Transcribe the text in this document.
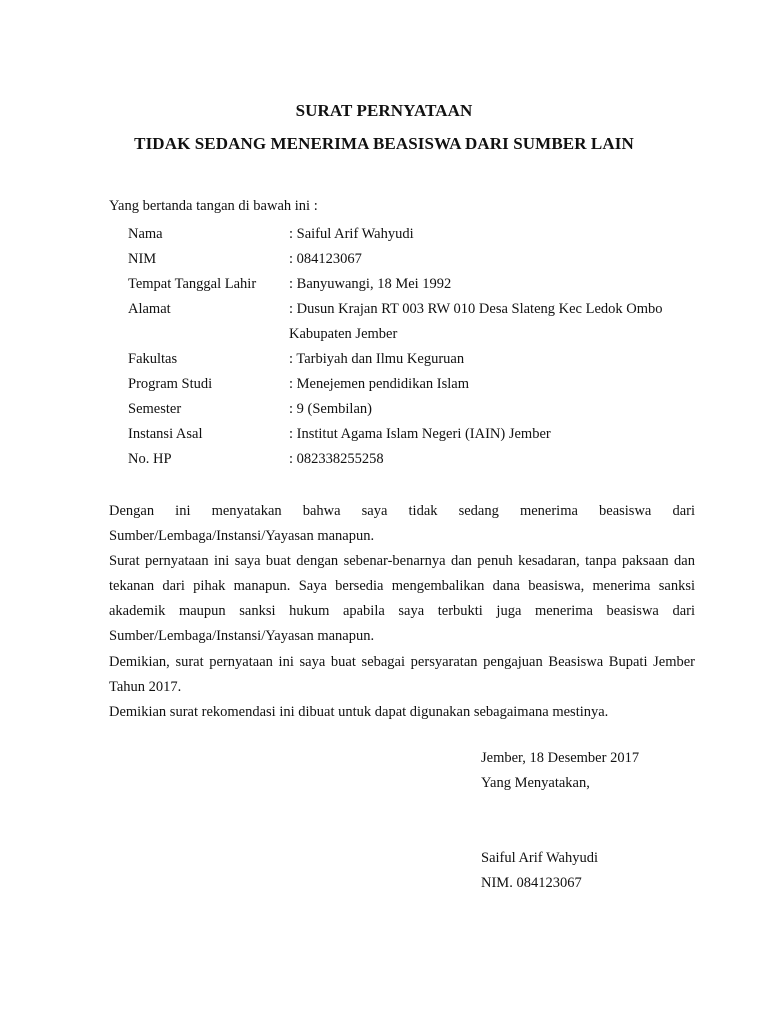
SURAT PERNYATAAN
TIDAK SEDANG MENERIMA BEASISWA DARI SUMBER LAIN
Yang bertanda tangan di bawah ini :
Nama	: Saiful Arif Wahyudi
NIM	: 084123067
Tempat Tanggal Lahir	: Banyuwangi, 18 Mei 1992
Alamat	: Dusun Krajan RT 003 RW 010 Desa Slateng Kec Ledok Ombo
Kabupaten Jember
Fakultas	: Tarbiyah dan Ilmu Keguruan
Program Studi	: Menejemen pendidikan Islam
Semester	: 9 (Sembilan)
Instansi Asal	: Institut Agama Islam Negeri (IAIN) Jember
No. HP	: 082338255258

Dengan ini menyatakan bahwa saya tidak sedang menerima beasiswa dari Sumber/Lembaga/Instansi/Yayasan manapun.

Surat pernyataan ini saya buat dengan sebenar-benarnya dan penuh kesadaran, tanpa paksaan dan tekanan dari pihak manapun. Saya bersedia mengembalikan dana beasiswa, menerima sanksi akademik maupun sanksi hukum apabila saya terbukti juga menerima beasiswa dari Sumber/Lembaga/Instansi/Yayasan manapun.

Demikian, surat pernyataan ini saya buat sebagai persyaratan pengajuan Beasiswa Bupati Jember Tahun 2017.

Demikian surat rekomendasi ini dibuat untuk dapat digunakan sebagaimana mestinya.

Jember, 18 Desember 2017
Yang Menyatakan,
Saiful Arif Wahyudi
NIM. 084123067
